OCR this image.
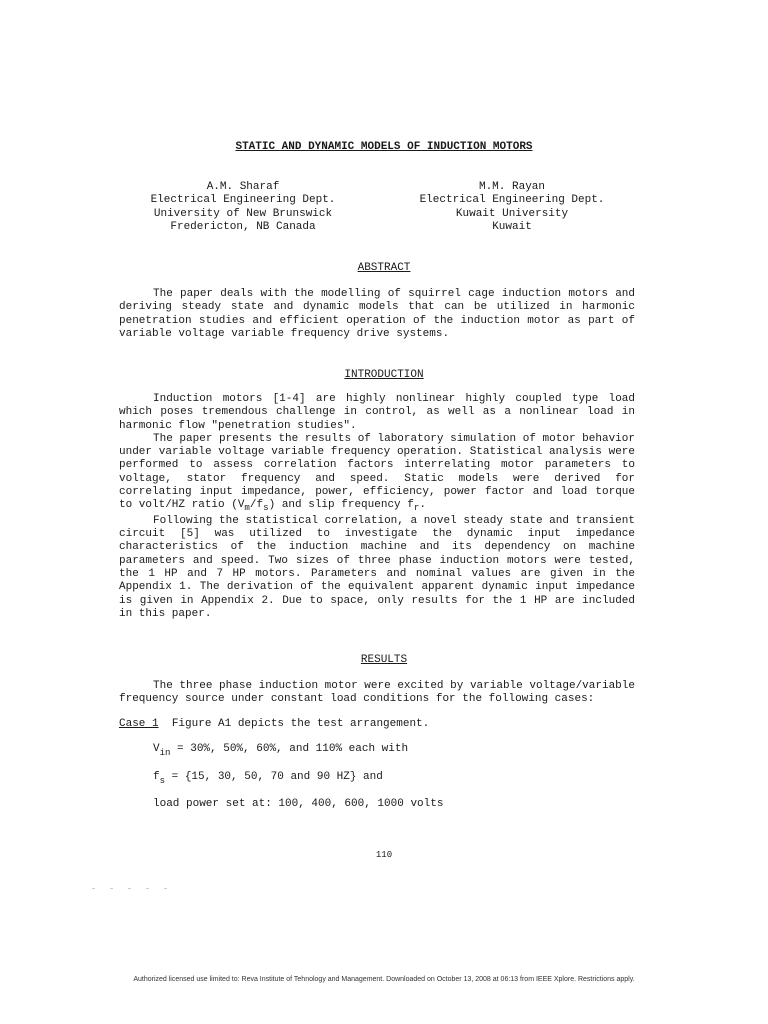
STATIC AND DYNAMIC MODELS OF INDUCTION MOTORS
A.M. Sharaf
Electrical Engineering Dept.
University of New Brunswick
Fredericton, NB Canada
M.M. Rayan
Electrical Engineering Dept.
Kuwait University
Kuwait
ABSTRACT

The paper deals with the modelling of squirrel cage induction motors and deriving steady state and dynamic models that can be utilized in harmonic penetration studies and efficient operation of the induction motor as part of variable voltage variable frequency drive systems.

INTRODUCTION

Induction motors [1-4] are highly nonlinear highly coupled type load which poses tremendous challenge in control, as well as a nonlinear load in harmonic flow "penetration studies".

The paper presents the results of laboratory simulation of motor behavior under variable voltage variable frequency operation. Statistical analysis were performed to assess correlation factors interrelating motor parameters to voltage, stator frequency and speed. Static models were derived for correlating input impedance, power, efficiency, power factor and load torque to volt/HZ ratio $(V_m/f_s)$ and slip frequency $f_r$.

Following the statistical correlation, a novel steady state and transient circuit [5] was utilized to investigate the dynamic input impedance characteristics of the induction machine and its dependency on machine parameters and speed. Two sizes of three phase induction motors were tested, the 1 HP and 7 HP motors. Parameters and nominal values are given in the Appendix 1. The derivation of the equivalent apparent dynamic input impedance is given in Appendix 2. Due to space, only results for the 1 HP are included in this paper.

RESULTS

The three phase induction motor were excited by variable voltage/variable frequency source under constant load conditions for the following cases:

Case 1 Figure A1 depicts the test arrangement.
$V_{in} = 30\%$, 50%, 60%, and 110% each with
$f_s = \{15$, 30, 50, 70 and 90 HZ} and
load power set at: 100, 400, 600, 1000 volts
110
Authorized licensed use limited to: Reva Institute of Tehnology and Management. Downloaded on October 13, 2008 at 06:13 from IEEE Xplore. Restrictions apply.
